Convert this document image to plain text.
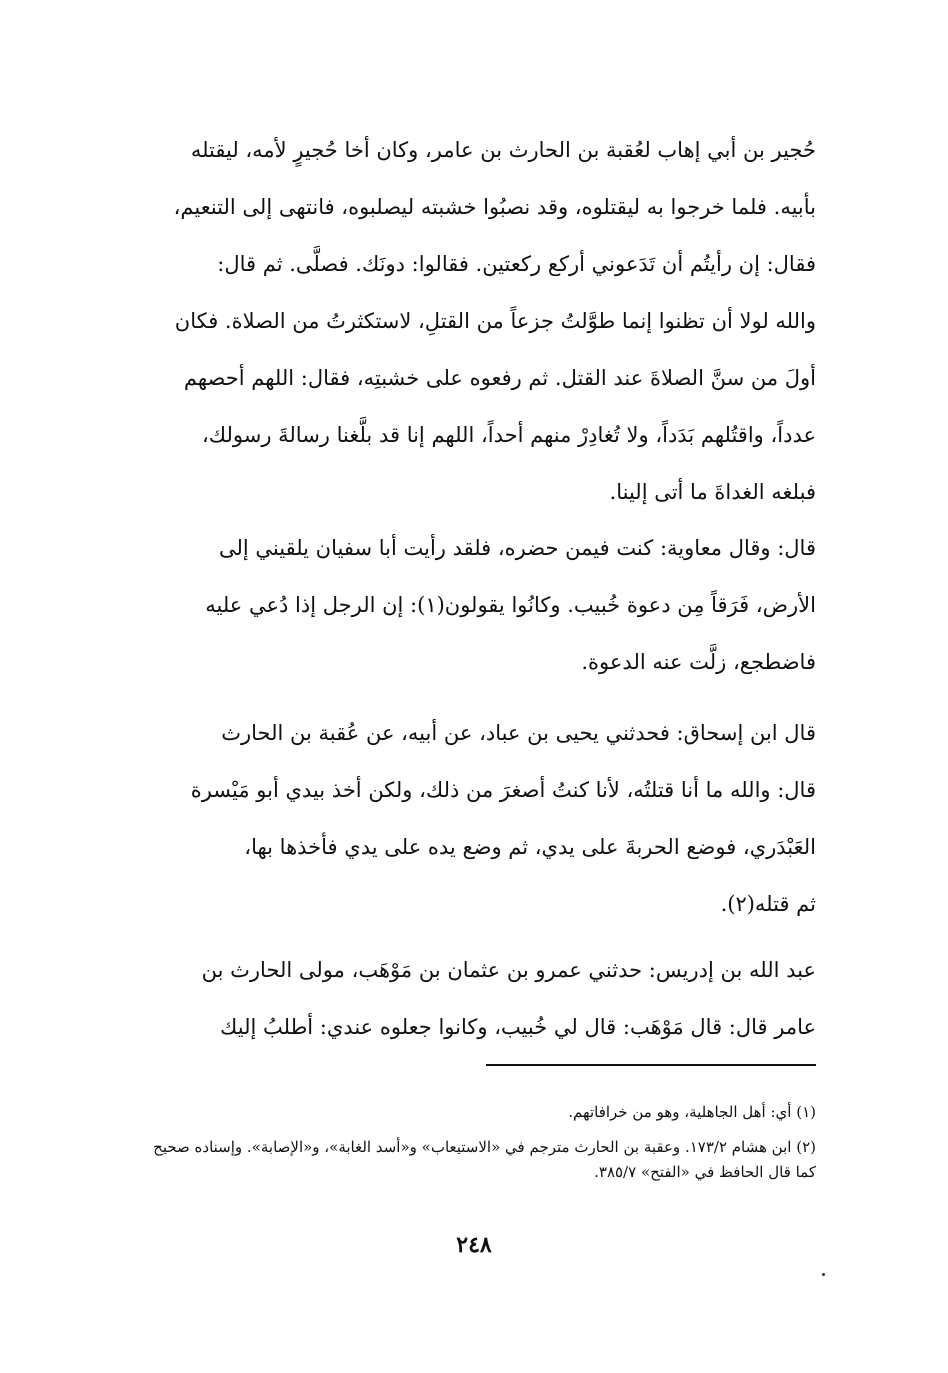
حُجير بن أبي إهاب لعُقبة بن الحارث بن عامر، وكان أخا حُجيرٍ لأمه، ليقتله

بأبيه. فلما خرجوا به ليقتلوه، وقد نصبُوا خشبته ليصلبوه، فانتهى إلى التنعيم،

فقال: إن رأيتُم أن تَدَعوني أركع ركعتين. فقالوا: دونَك. فصلَّى. ثم قال:

والله لولا أن تظنوا إنما طوَّلتُ جزعاً من القتلِ، لاستكثرتُ من الصلاة. فكان

أولَ من سنَّ الصلاةَ عند القتل. ثم رفعوه على خشبتِه، فقال: اللهم أحصهم

عدداً، واقتُلهم بَدَداً، ولا تُغادِرْ منهم أحداً، اللهم إنا قد بلَّغنا رسالةَ رسولك،

فبلغه الغداةَ ما أتى إلينا.

قال: وقال معاوية: كنت فيمن حضره، فلقد رأيت أبا سفيان يلقيني إلى

الأرض، فَرَقاً مِن دعوة خُبيب. وكانُوا يقولون(١): إن الرجل إذا دُعي عليه

فاضطجع، زلَّت عنه الدعوة.

قال ابن إسحاق: فحدثني يحيى بن عباد، عن أبيه، عن عُقبة بن الحارث

قال: والله ما أنا قتلتُه، لأنا كنتُ أصغرَ من ذلك، ولكن أخذ بيدي أبو مَيْسرة

العَبْدَري، فوضع الحربةَ على يدي، ثم وضع يده على يدي فأخذها بها،

ثم قتله(٢).

عبد الله بن إدريس: حدثني عمرو بن عثمان بن مَوْهَب، مولى الحارث بن

عامر قال: قال مَوْهَب: قال لي خُبيب، وكانوا جعلوه عندي: أطلبُ إليك

(١) أي: أهل الجاهلية، وهو من خرافاتهم.

(٢) ابن هشام ١٧٣/٢. وعقبة بن الحارث مترجم في «الاستيعاب» و«أسد الغابة»، و«الإصابة». وإسناده صحيح كما قال الحافظ في «الفتح» ٣٨٥/٧.

٢٤٨
